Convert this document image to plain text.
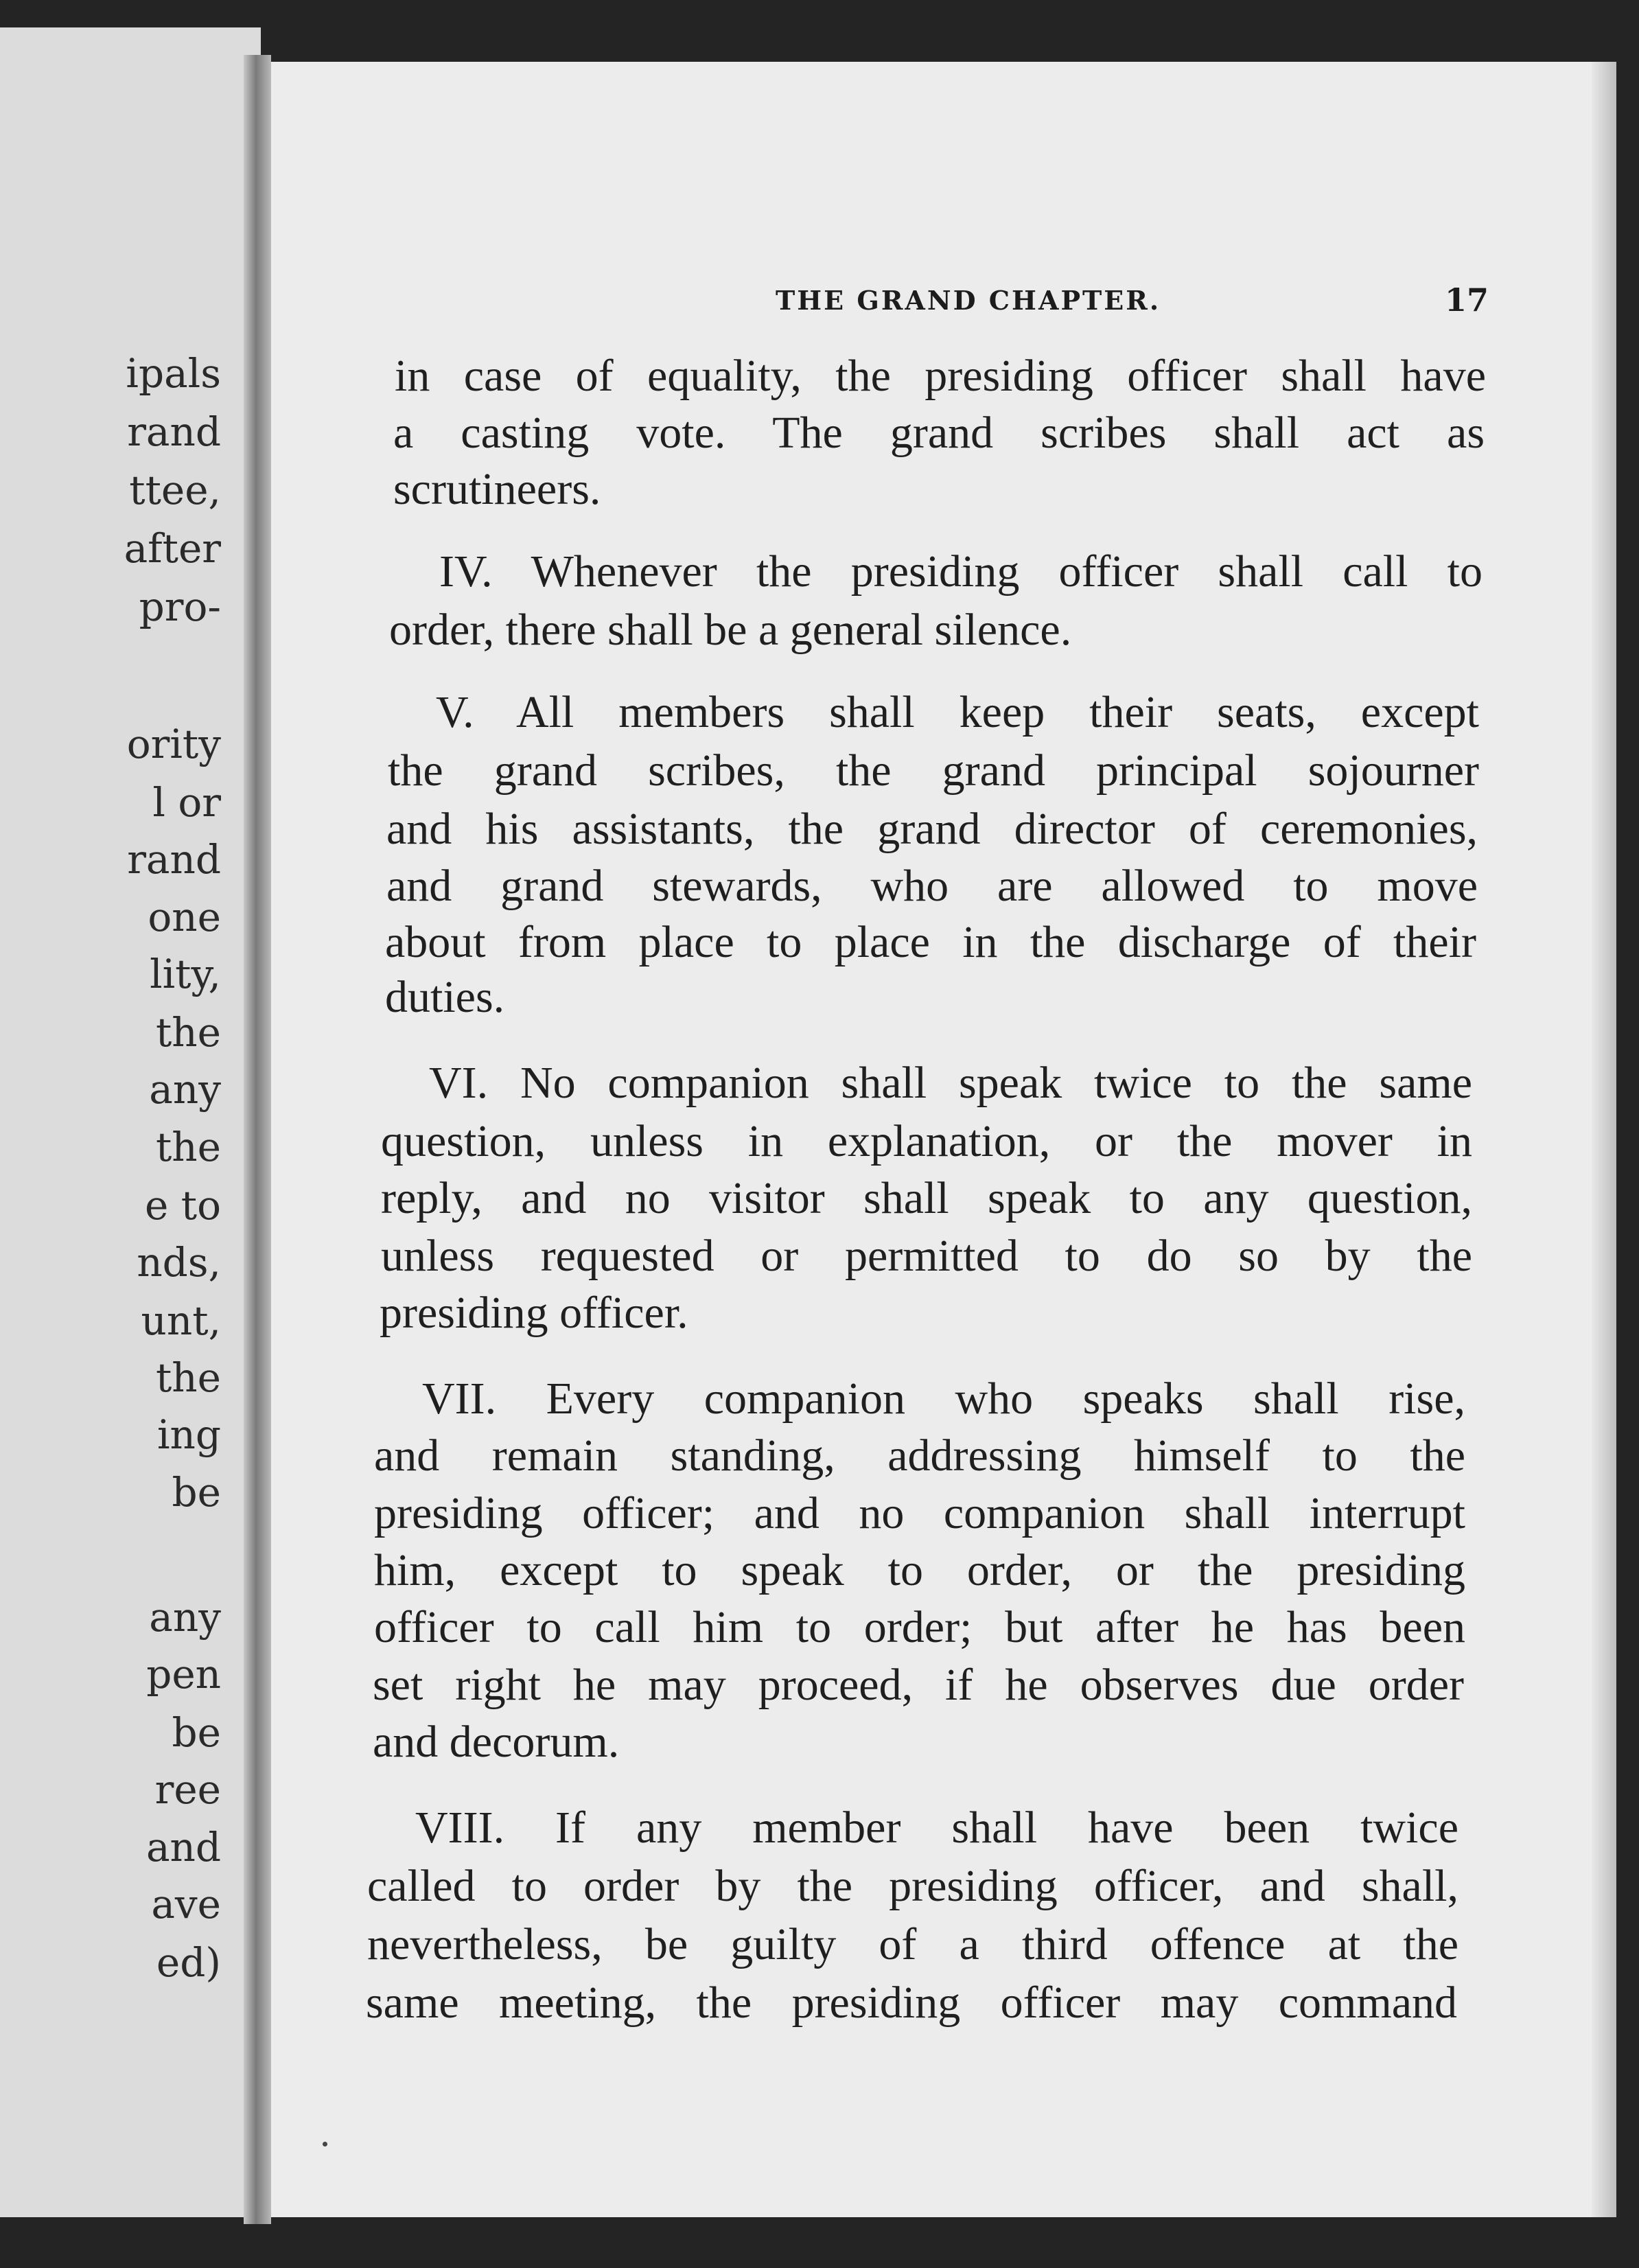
ipals
rand
ttee,
after
pro-
ority
l or
rand
one
lity,
the
any
the
e to
nds,
unt,
the
ing
be
any
pen
be
ree
and
ave
ed)
THE GRAND CHAPTER.	17
in case of equality, the presiding officer shall have
a casting vote. The grand scribes shall act as
scrutineers.
IV. Whenever the presiding officer shall call to
order, there shall be a general silence.
V. All members shall keep their seats, except
the grand scribes, the grand principal sojourner
and his assistants, the grand director of ceremonies,
and grand stewards, who are allowed to move
about from place to place in the discharge of their
duties.
VI. No companion shall speak twice to the same
question, unless in explanation, or the mover in
reply, and no visitor shall speak to any question,
unless requested or permitted to do so by the
presiding officer.
VII. Every companion who speaks shall rise,
and remain standing, addressing himself to the
presiding officer; and no companion shall interrupt
him, except to speak to order, or the presiding
officer to call him to order; but after he has been
set right he may proceed, if he observes due order
and decorum.
VIII. If any member shall have been twice
called to order by the presiding officer, and shall,
nevertheless, be guilty of a third offence at the
same meeting, the presiding officer may command
